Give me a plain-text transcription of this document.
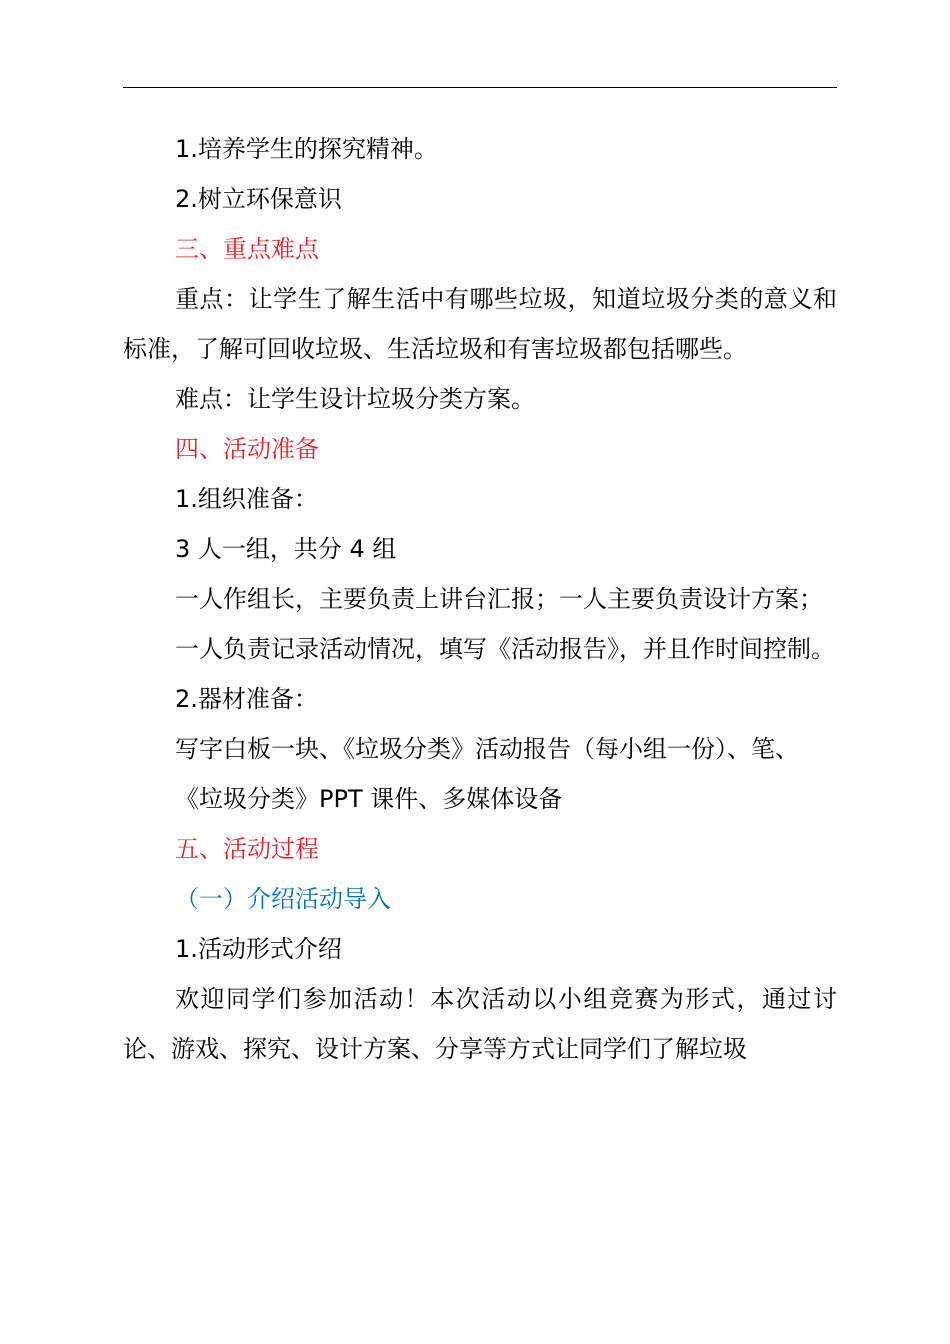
1.培养学生的探究精神。

2.树立环保意识

三、重点难点

重点：让学生了解生活中有哪些垃圾，知道垃圾分类的意义和标准，了解可回收垃圾、生活垃圾和有害垃圾都包括哪些。

难点：让学生设计垃圾分类方案。

四、活动准备

1.组织准备：

3 人一组，共分 4 组

一人作组长，主要负责上讲台汇报；一人主要负责设计方案；

一人负责记录活动情况，填写《活动报告》，并且作时间控制。

2.器材准备：

写字白板一块、《垃圾分类》活动报告（每小组一份）、笔、

《垃圾分类》PPT 课件、多媒体设备

五、活动过程

（一）介绍活动导入

1.活动形式介绍

欢迎同学们参加活动！本次活动以小组竞赛为形式，通过讨论、游戏、探究、设计方案、分享等方式让同学们了解垃圾
